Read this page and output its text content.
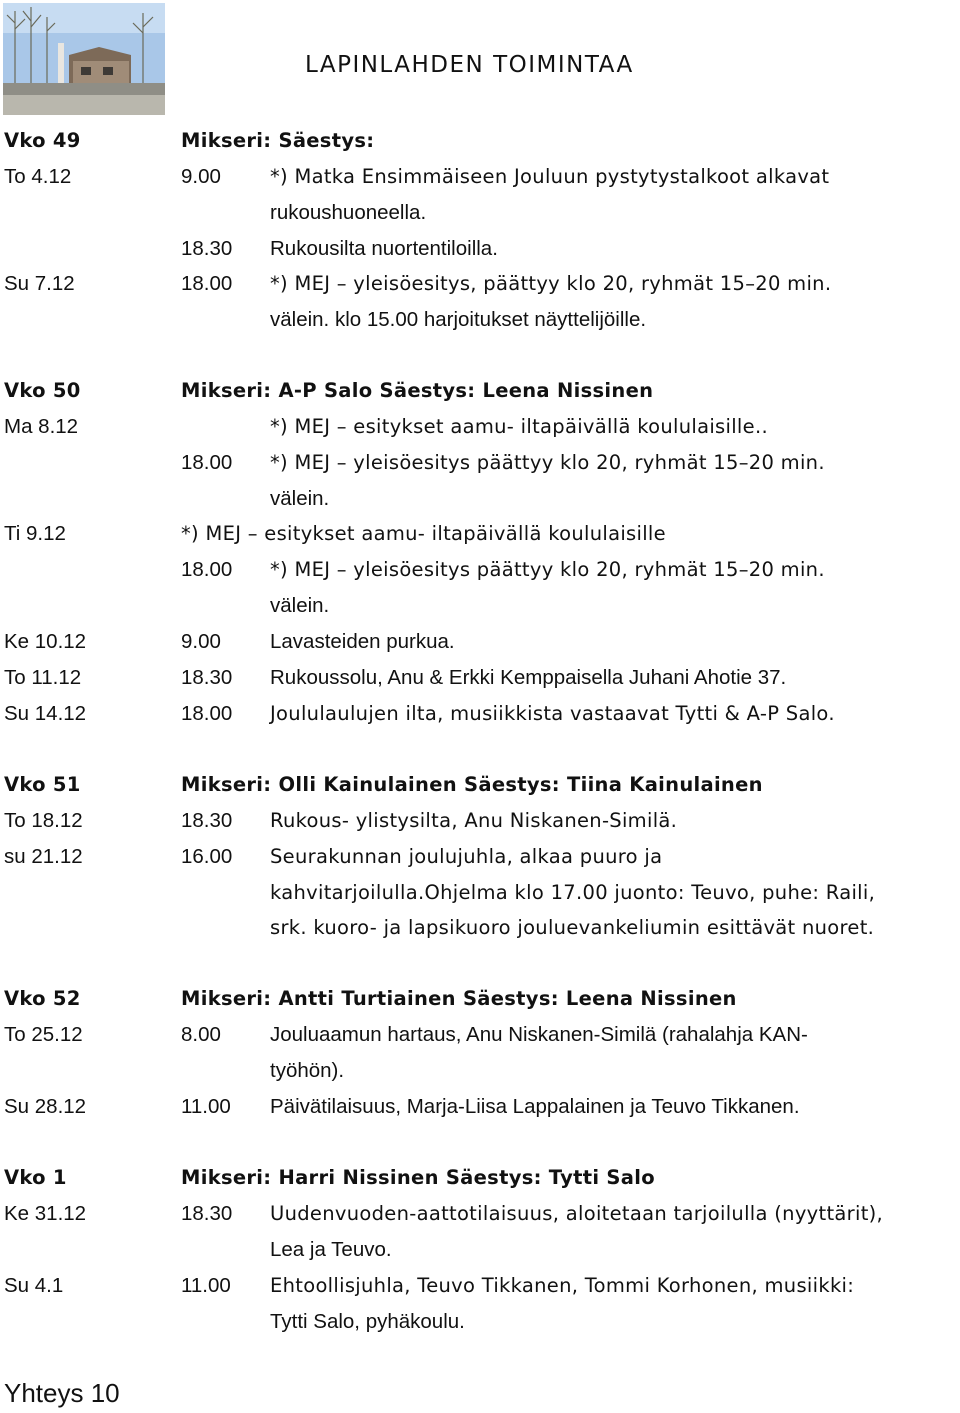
LAPINLAHDEN TOIMINTAA
Vko 49	Mikseri: Säestys:
To 4.12	9.00	*) Matka Ensimmäiseen Jouluun pystytystalkoot alkavat
rukoushuoneella.
18.30 Rukousilta nuortentiloilla.
Su 7.12	18.00 *) MEJ – yleisöesitys, päättyy klo 20, ryhmät 15–20 min.
välein. klo 15.00 harjoitukset näyttelijöille.
Vko 50	Mikseri: A-P Salo Säestys: Leena Nissinen
Ma 8.12	*) MEJ – esitykset aamu- iltapäivällä koululaisille..
18.00 *) MEJ – yleisöesitys päättyy klo 20, ryhmät 15–20 min.
välein.
Ti 9.12	*) MEJ – esitykset aamu- iltapäivällä koululaisille
18.00 *) MEJ – yleisöesitys päättyy klo 20, ryhmät 15–20 min.
välein.
Ke 10.12	9.00 Lavasteiden purkua.
To 11.12	18.30 Rukoussolu, Anu & Erkki Kemppaisella Juhani Ahotie 37.
Su 14.12	18.00 Joululaulujen ilta, musiikkista vastaavat Tytti & A-P Salo.
Vko 51	Mikseri: Olli Kainulainen Säestys: Tiina Kainulainen
To 18.12	18.30 Rukous- ylistysilta, Anu Niskanen-Similä.
su 21.12	16.00 Seurakunnan joulujuhla, alkaa puuro ja
kahvitarjoilulla.Ohjelma klo 17.00 juonto: Teuvo, puhe: Raili,
srk. kuoro- ja lapsikuoro jouluevankeliumin esittävät nuoret.
Vko 52	Mikseri: Antti Turtiainen Säestys: Leena Nissinen
To 25.12	8.00 Jouluaamun hartaus, Anu Niskanen-Similä (rahalahja KAN-
työhön).
Su 28.12	11.00 Päivätilaisuus, Marja-Liisa Lappalainen ja Teuvo Tikkanen.
Vko 1	Mikseri: Harri Nissinen Säestys: Tytti Salo
Ke 31.12	18.30 Uudenvuoden-aattotilaisuus, aloitetaan tarjoilulla (nyyttärit),
Lea ja Teuvo.
Su 4.1	11.00 Ehtoollisjuhla, Teuvo Tikkanen, Tommi Korhonen, musiikki:
Tytti Salo, pyhäkoulu.
Yhteys 10
